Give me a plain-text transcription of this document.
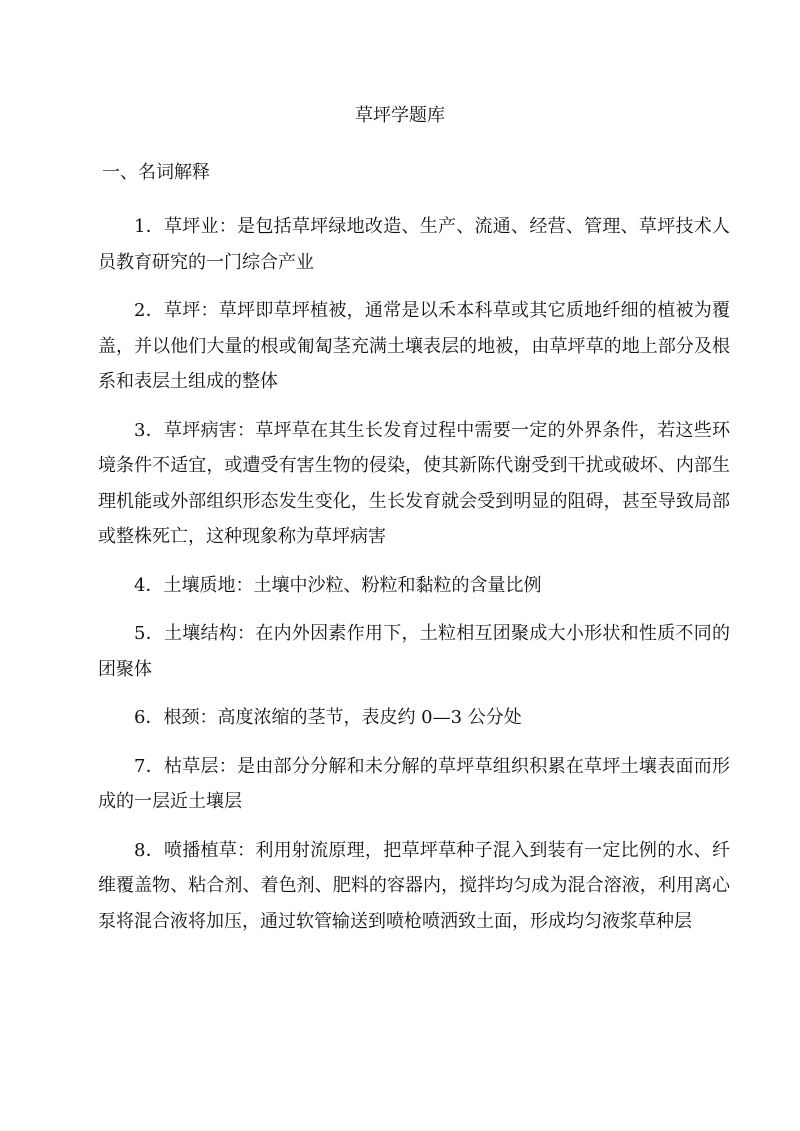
草坪学题库
一、名词解释

1．草坪业：是包括草坪绿地改造、生产、流通、经营、管理、草坪技术人员教育研究的一门综合产业

2．草坪：草坪即草坪植被，通常是以禾本科草或其它质地纤细的植被为覆盖，并以他们大量的根或匍匐茎充满土壤表层的地被，由草坪草的地上部分及根系和表层土组成的整体

3．草坪病害：草坪草在其生长发育过程中需要一定的外界条件，若这些环境条件不适宜，或遭受有害生物的侵染，使其新陈代谢受到干扰或破坏、内部生理机能或外部组织形态发生变化，生长发育就会受到明显的阻碍，甚至导致局部或整株死亡，这种现象称为草坪病害

4．土壤质地：土壤中沙粒、粉粒和黏粒的含量比例

5．土壤结构：在内外因素作用下，土粒相互团聚成大小形状和性质不同的团聚体

6．根颈：高度浓缩的茎节，表皮约 0—3 公分处

7．枯草层：是由部分分解和未分解的草坪草组织积累在草坪土壤表面而形成的一层近土壤层

8．喷播植草：利用射流原理，把草坪草种子混入到装有一定比例的水、纤维覆盖物、粘合剂、着色剂、肥料的容器内，搅拌均匀成为混合溶液，利用离心泵将混合液将加压，通过软管输送到喷枪喷洒致土面，形成均匀液浆草种层
